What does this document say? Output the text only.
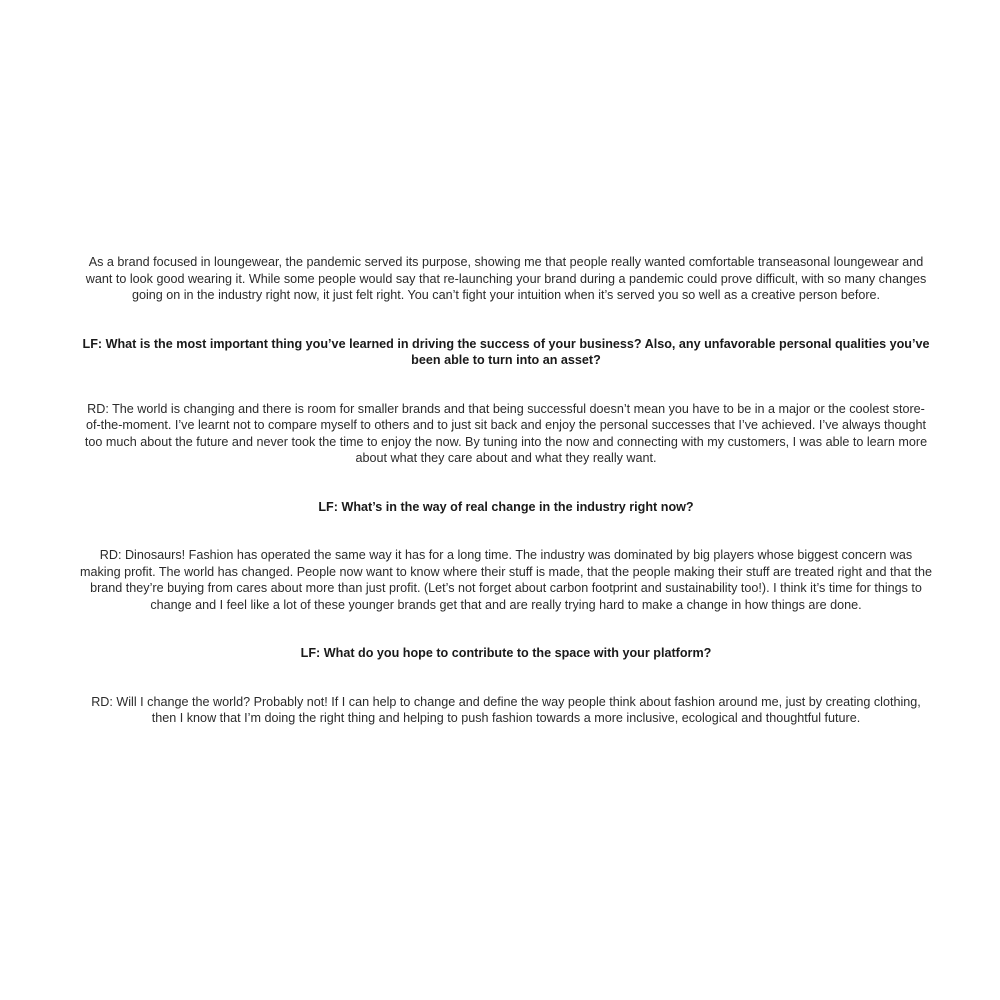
As a brand focused in loungewear, the pandemic served its purpose, showing me that people really wanted comfortable transeasonal loungewear and want to look good wearing it. While some people would say that re-launching your brand during a pandemic could prove difficult, with so many changes going on in the industry right now, it just felt right. You can’t fight your intuition when it’s served you so well as a creative person before.

LF: What is the most important thing you’ve learned in driving the success of your business? Also, any unfavorable personal qualities you’ve been able to turn into an asset?

RD: The world is changing and there is room for smaller brands and that being successful doesn’t mean you have to be in a major or the coolest store-of-the-moment. I’ve learnt not to compare myself to others and to just sit back and enjoy the personal successes that I’ve achieved. I’ve always thought too much about the future and never took the time to enjoy the now. By tuning into the now and connecting with my customers, I was able to learn more about what they care about and what they really want.

LF: What’s in the way of real change in the industry right now?

RD: Dinosaurs! Fashion has operated the same way it has for a long time. The industry was dominated by big players whose biggest concern was making profit. The world has changed. People now want to know where their stuff is made, that the people making their stuff are treated right and that the brand they’re buying from cares about more than just profit. (Let’s not forget about carbon footprint and sustainability too!). I think it’s time for things to change and I feel like a lot of these younger brands get that and are really trying hard to make a change in how things are done.

LF: What do you hope to contribute to the space with your platform?

RD: Will I change the world? Probably not! If I can help to change and define the way people think about fashion around me, just by creating clothing, then I know that I’m doing the right thing and helping to push fashion towards a more inclusive, ecological and thoughtful future.
